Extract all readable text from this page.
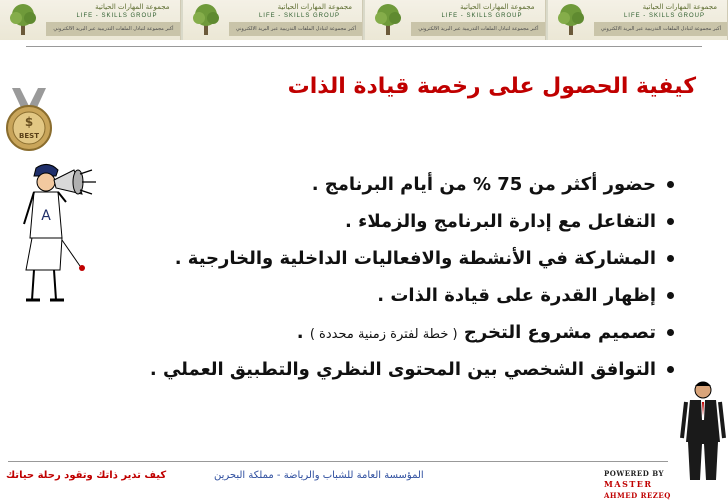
مجموعة المهارات الحياتية
LIFE - SKILLS GROUP
أكبر مجموعة لتبادل الملفات التدريبية عبر البريد الالكتروني
مجموعة المهارات الحياتية
LIFE - SKILLS GROUP
أكبر مجموعة لتبادل الملفات التدريبية عبر البريد الالكتروني
مجموعة المهارات الحياتية
LIFE - SKILLS GROUP
أكبر مجموعة لتبادل الملفات التدريبية عبر البريد الالكتروني
مجموعة المهارات الحياتية
LIFE - SKILLS GROUP
أكبر مجموعة لتبادل الملفات التدريبية عبر البريد الالكتروني
كيفية الحصول على رخصة قيادة الذات
$
BEST
A
حضور أكثر من 75 % من أيام البرنامج .
التفاعل مع إدارة البرنامج والزملاء .
المشاركة في الأنشطة والافعاليات الداخلية والخارجية .
إظهار القدرة على قيادة الذات .
تصميم مشروع التخرج ( خطة لفترة زمنية محددة ) .
التوافق الشخصي بين المحتوى النظري والتطبيق العملي .
كيف تدير ذاتك وتقود رحلة حياتك	المؤسسة العامة للشباب والرياضة - مملكة البحرين	POWERED BY
MASTER
AHMED REZEQ
